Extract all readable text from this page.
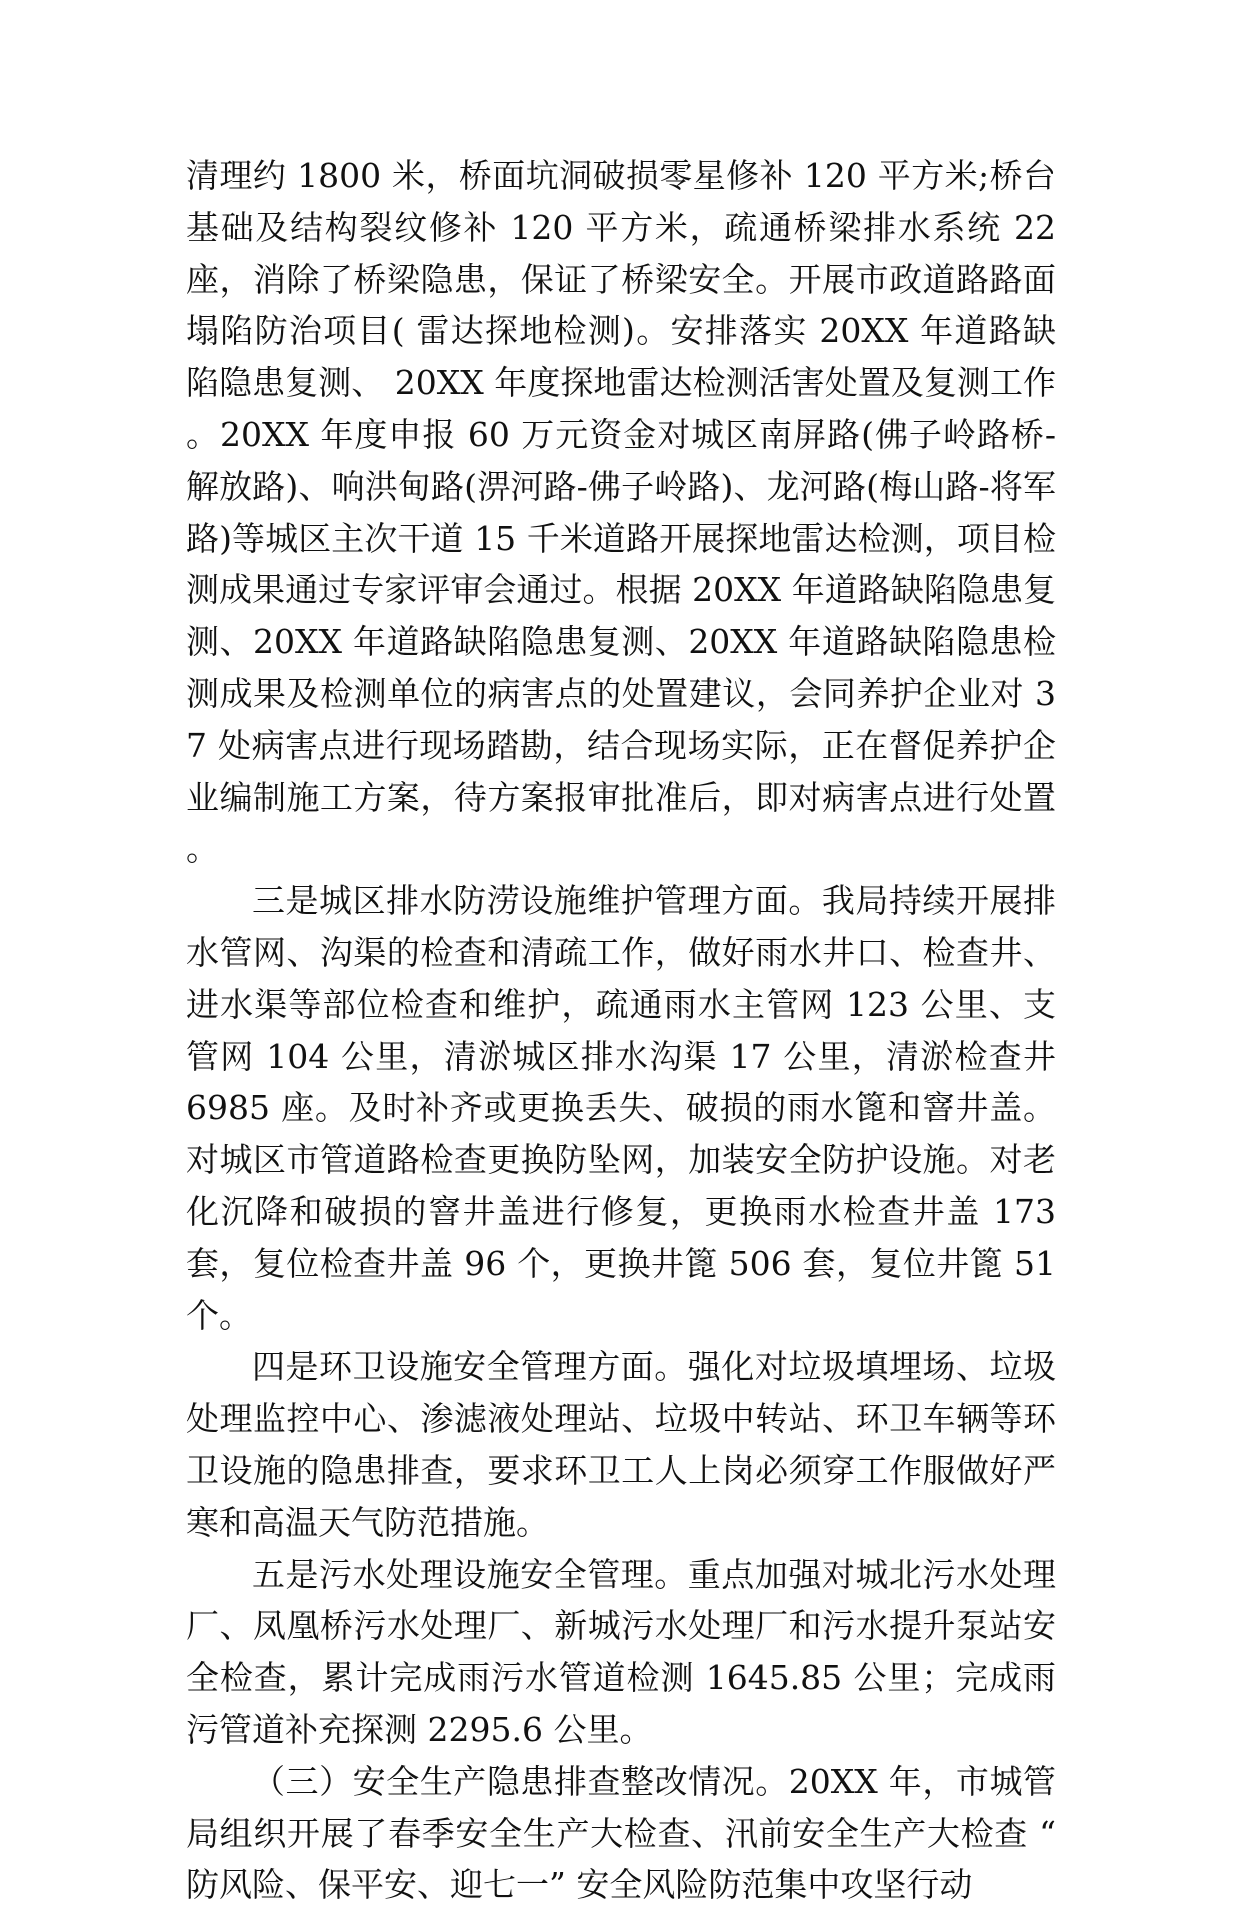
清理约 1800 米，桥面坑洞破损零星修补 120 平方米;桥台基础及结构裂纹修补 120 平方米，疏通桥梁排水系统 22 座，消除了桥梁隐患，保证了桥梁安全。开展市政道路路面塌陷防治项目( 雷达探地检测)。安排落实 20XX 年道路缺陷隐患复测、 20XX 年度探地雷达检测活害处置及复测工作。20XX 年度申报 60 万元资金对城区南屏路(佛子岭路桥-解放路)、响洪甸路(淠河路-佛子岭路)、龙河路(梅山路-将军路)等城区主次干道 15 千米道路开展探地雷达检测，项目检测成果通过专家评审会通过。根据 20XX 年道路缺陷隐患复测、20XX 年道路缺陷隐患复测、20XX 年道路缺陷隐患检测成果及检测单位的病害点的处置建议，会同养护企业对 37 处病害点进行现场踏勘，结合现场实际，正在督促养护企业编制施工方案，待方案报审批准后，即对病害点进行处置。

三是城区排水防涝设施维护管理方面。我局持续开展排水管网、沟渠的检查和清疏工作，做好雨水井口、检查井、进水渠等部位检查和维护，疏通雨水主管网 123 公里、支管网 104 公里，清淤城区排水沟渠 17 公里，清淤检查井 6985 座。及时补齐或更换丢失、破损的雨水篦和窨井盖。对城区市管道路检查更换防坠网，加装安全防护设施。对老化沉降和破损的窨井盖进行修复，更换雨水检查井盖 173 套，复位检查井盖 96 个，更换井篦 506 套，复位井篦 51 个。

四是环卫设施安全管理方面。强化对垃圾填埋场、垃圾处理监控中心、渗滤液处理站、垃圾中转站、环卫车辆等环卫设施的隐患排查，要求环卫工人上岗必须穿工作服做好严寒和高温天气防范措施。

五是污水处理设施安全管理。重点加强对城北污水处理厂、凤凰桥污水处理厂、新城污水处理厂和污水提升泵站安全检查，累计完成雨污水管道检测 1645.85 公里；完成雨污管道补充探测 2295.6 公里。

（三）安全生产隐患排查整改情况。20XX 年，市城管局组织开展了春季安全生产大检查、汛前安全生产大检查 “防风险、保平安、迎七一” 安全风险防范集中攻坚行动
